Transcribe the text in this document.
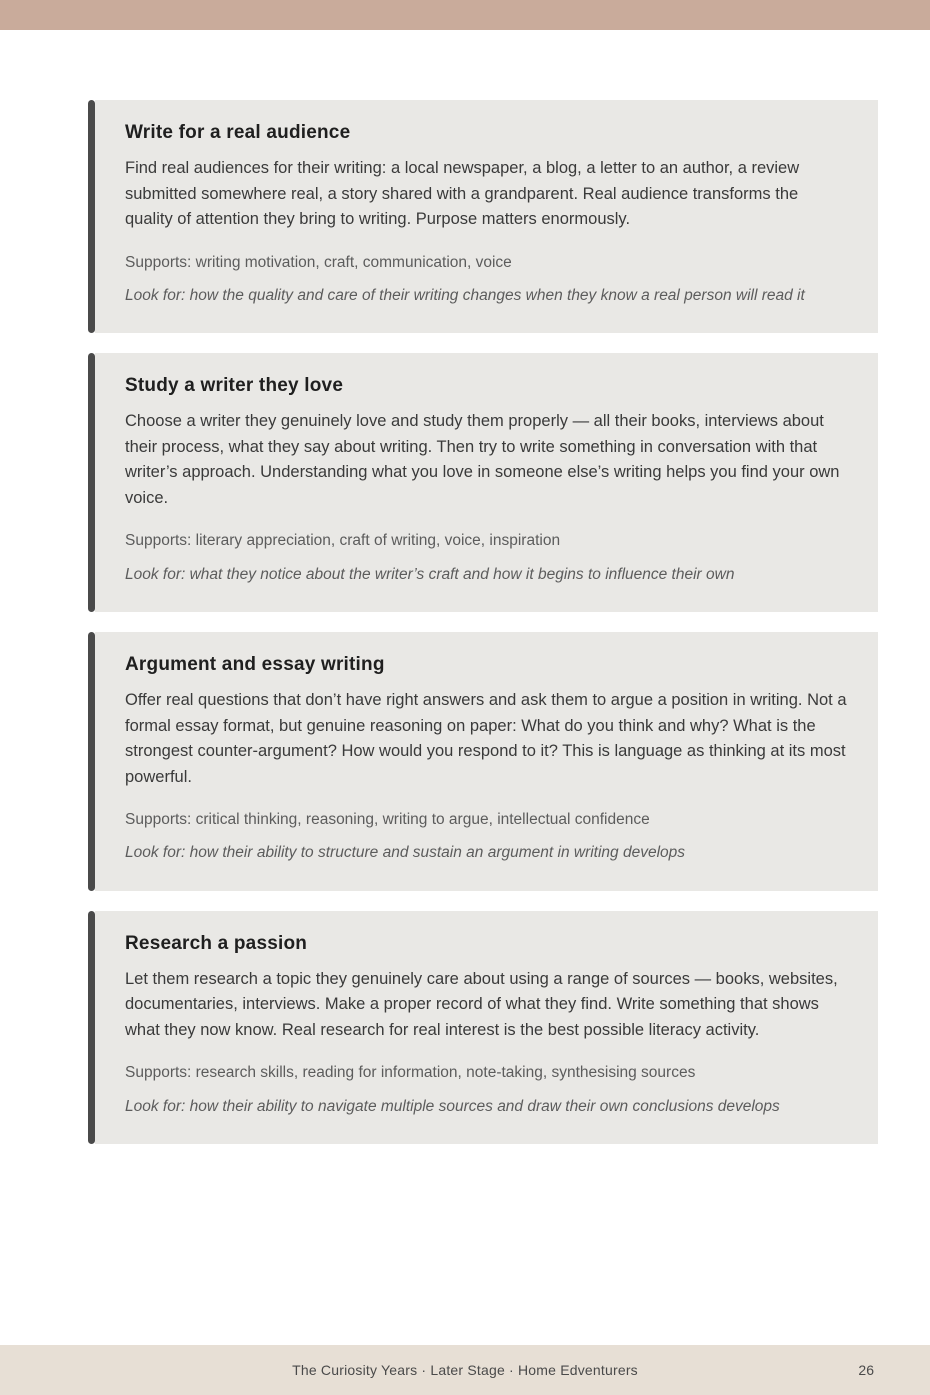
Write for a real audience

Find real audiences for their writing: a local newspaper, a blog, a letter to an author, a review submitted somewhere real, a story shared with a grandparent. Real audience transforms the quality of attention they bring to writing. Purpose matters enormously.

Supports: writing motivation, craft, communication, voice

Look for: how the quality and care of their writing changes when they know a real person will read it

Study a writer they love

Choose a writer they genuinely love and study them properly — all their books, interviews about their process, what they say about writing. Then try to write something in conversation with that writer’s approach. Understanding what you love in someone else’s writing helps you find your own voice.

Supports: literary appreciation, craft of writing, voice, inspiration

Look for: what they notice about the writer’s craft and how it begins to influence their own

Argument and essay writing

Offer real questions that don’t have right answers and ask them to argue a position in writing. Not a formal essay format, but genuine reasoning on paper: What do you think and why? What is the strongest counter-argument? How would you respond to it? This is language as thinking at its most powerful.

Supports: critical thinking, reasoning, writing to argue, intellectual confidence

Look for: how their ability to structure and sustain an argument in writing develops

Research a passion

Let them research a topic they genuinely care about using a range of sources — books, websites, documentaries, interviews. Make a proper record of what they find. Write something that shows what they now know. Real research for real interest is the best possible literacy activity.

Supports: research skills, reading for information, note-taking, synthesising sources

Look for: how their ability to navigate multiple sources and draw their own conclusions develops

The Curiosity Years · Later Stage · Home Edventurers	26
